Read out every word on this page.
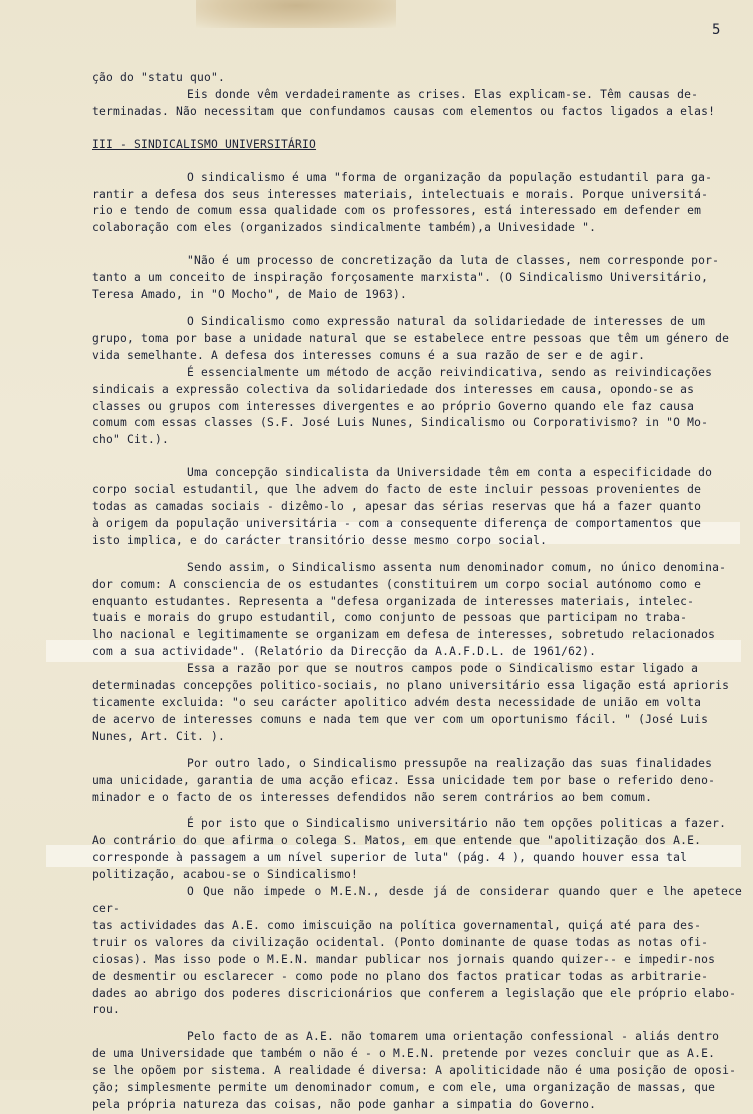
5

ção do "statu quo".

Eis donde vêm verdadeiramente as crises. Elas explicam-se. Têm causas de-
terminadas. Não necessitam que confundamos causas com elementos ou factos ligados a elas!

III - SINDICALISMO UNIVERSITÁRIO

O sindicalismo é uma "forma de organização da população estudantil para ga-
rantir a defesa dos seus interesses materiais, intelectuais e morais. Porque universitá-
rio e tendo de comum essa qualidade com os professores, está interessado em defender em
colaboração com eles (organizados sindicalmente também),a Univesidade ".

"Não é um processo de concretização da luta de classes, nem corresponde por-
tanto a um conceito de inspiração forçosamente marxista". (O Sindicalismo Universitário,
Teresa Amado, in "O Mocho", de Maio de 1963).

O Sindicalismo como expressão natural da solidariedade de interesses de um
grupo, toma por base a unidade natural que se estabelece entre pessoas que têm um género de
vida semelhante. A defesa dos interesses comuns é a sua razão de ser e de agir.

É essencialmente um método de acção reivindicativa, sendo as reivindicações
sindicais a expressão colectiva da solidariedade dos interesses em causa, opondo-se as
classes ou grupos com interesses divergentes e ao próprio Governo quando ele faz causa
comum com essas classes (S.F. José Luis Nunes, Sindicalismo ou Corporativismo? in "O Mo-
cho" Cit.).

Uma concepção sindicalista da Universidade têm em conta a especificidade do
corpo social estudantil, que lhe advem do facto de este incluir pessoas provenientes de
todas as camadas sociais - dizêmo-lo , apesar das sérias reservas que há a fazer quanto
à origem da população universitária - com a consequente diferença de comportamentos que
isto implica, e do carácter transitório desse mesmo corpo social.

Sendo assim, o Sindicalismo assenta num denominador comum, no único denomina-
dor comum: A consciencia de os estudantes (constituirem um corpo social autónomo como e
enquanto estudantes. Representa a "defesa organizada de interesses materiais, intelec-
tuais e morais do grupo estudantil, como conjunto de pessoas que participam no traba-
lho nacional e legitimamente se organizam em defesa de interesses, sobretudo relacionados
com a sua actividade". (Relatório da Direcção da A.A.F.D.L. de 1961/62).

Essa a razão por que se noutros campos pode o Sindicalismo estar ligado a
determinadas concepções politico-sociais, no plano universitário essa ligação está aprioris
ticamente excluida: "o seu carácter apolitico advém desta necessidade de união em volta
de acervo de interesses comuns e nada tem que ver com um oportunismo fácil. " (José Luis
Nunes, Art. Cit. ).

Por outro lado, o Sindicalismo pressupõe na realização das suas finalidades
uma unicidade, garantia de uma acção eficaz. Essa unicidade tem por base o referido deno-
minador e o facto de os interesses defendidos não serem contrários ao bem comum.

É por isto que o Sindicalismo universitário não tem opções politicas a fazer.
Ao contrário do que afirma o colega S. Matos, em que entende que "apolitização dos A.E.
corresponde à passagem a um nível superior de luta" (pág. 4 ), quando houver essa tal
politização, acabou-se o Sindicalismo!

O Que não impede o M.E.N., desde já de considerar quando quer e lhe apetece cer-
tas actividades das A.E. como imiscuição na política governamental, quiçá até para des-
truir os valores da civilização ocidental. (Ponto dominante de quase todas as notas ofi-
ciosas). Mas isso pode o M.E.N. mandar publicar nos jornais quando quizer-- e impedir-nos
de desmentir ou esclarecer - como pode no plano dos factos praticar todas as arbitrarie-
dades ao abrigo dos poderes discricionários que conferem a legislação que ele próprio elabo-
rou.

Pelo facto de as A.E. não tomarem uma orientação confessional - aliás dentro
de uma Universidade que também o não é - o M.E.N. pretende por vezes concluir que as A.E.
se lhe opõem por sistema. A realidade é diversa: A apoliticidade não é uma posição de oposi-
ção; simplesmente permite um denominador comum, e com ele, uma organização de massas, que
pela própria natureza das coisas, não pode ganhar a simpatia do Governo.
